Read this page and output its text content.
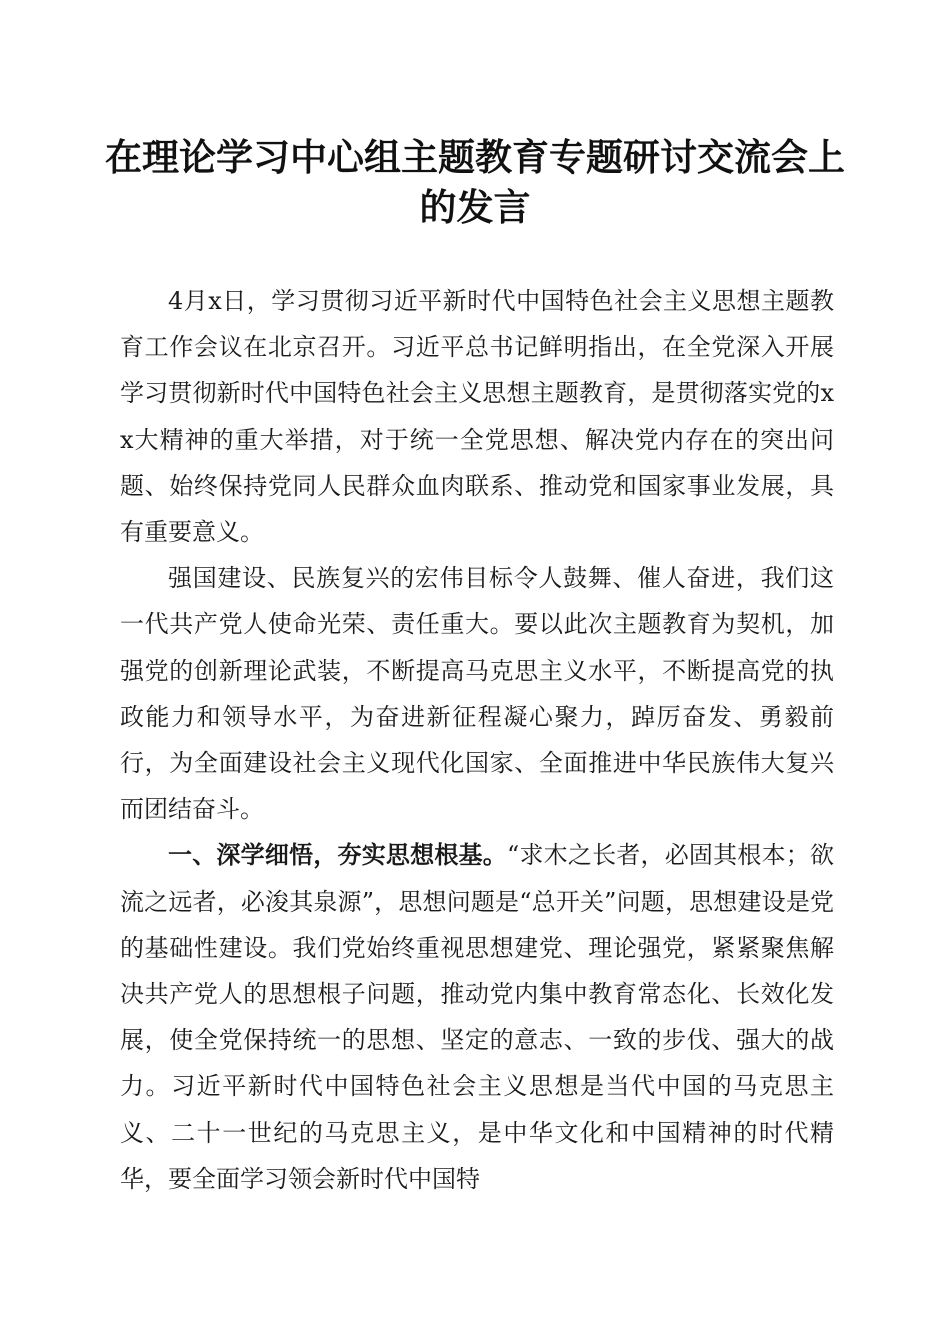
在理论学习中心组主题教育专题研讨交流会上的发言

4月x日，学习贯彻习近平新时代中国特色社会主义思想主题教育工作会议在北京召开。习近平总书记鲜明指出，在全党深入开展学习贯彻新时代中国特色社会主义思想主题教育，是贯彻落实党的xx大精神的重大举措，对于统一全党思想、解决党内存在的突出问题、始终保持党同人民群众血肉联系、推动党和国家事业发展，具有重要意义。

强国建设、民族复兴的宏伟目标令人鼓舞、催人奋进，我们这一代共产党人使命光荣、责任重大。要以此次主题教育为契机，加强党的创新理论武装，不断提高马克思主义水平，不断提高党的执政能力和领导水平，为奋进新征程凝心聚力，踔厉奋发、勇毅前行，为全面建设社会主义现代化国家、全面推进中华民族伟大复兴而团结奋斗。

一、深学细悟，夯实思想根基。“求木之长者，必固其根本；欲流之远者，必浚其泉源”，思想问题是“总开关”问题，思想建设是党的基础性建设。我们党始终重视思想建党、理论强党，紧紧聚焦解决共产党人的思想根子问题，推动党内集中教育常态化、长效化发展，使全党保持统一的思想、坚定的意志、一致的步伐、强大的战力。习近平新时代中国特色社会主义思想是当代中国的马克思主义、二十一世纪的马克思主义，是中华文化和中国精神的时代精华，要全面学习领会新时代中国特
